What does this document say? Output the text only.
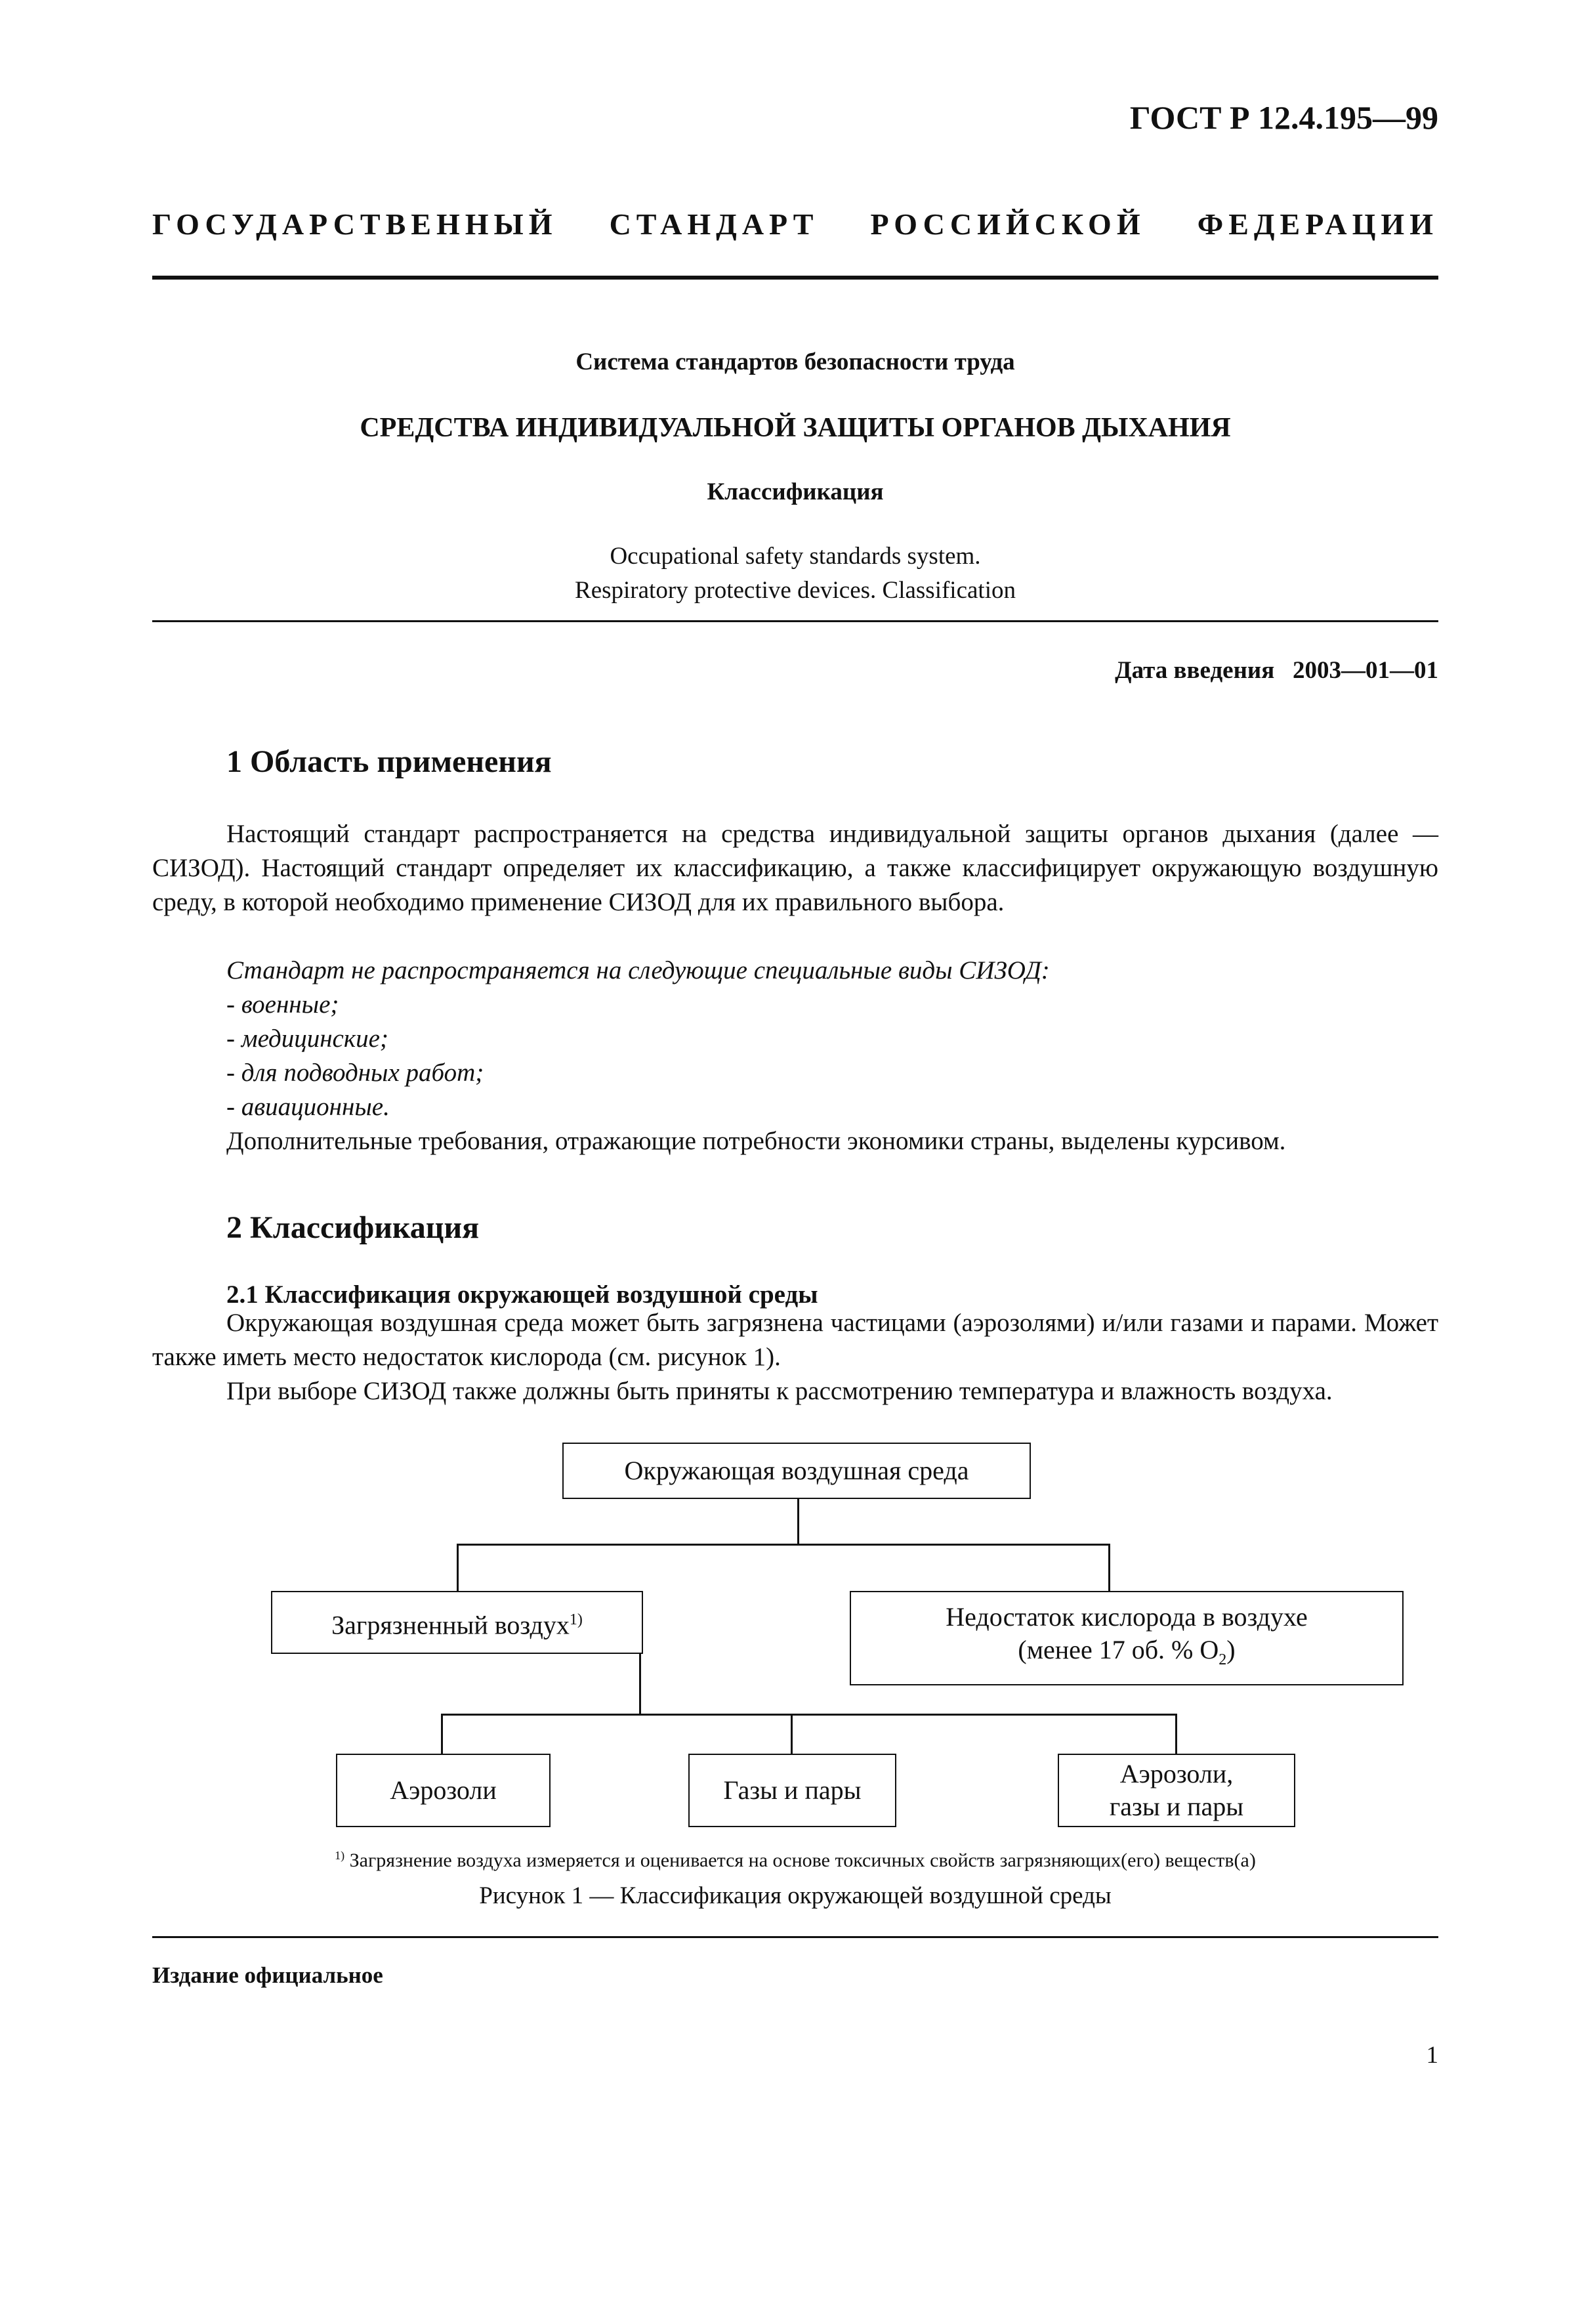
ГОСТ Р 12.4.195—99
ГОСУДАРСТВЕННЫЙ СТАНДАРТ РОССИЙСКОЙ ФЕДЕРАЦИИ
Система стандартов безопасности труда
СРЕДСТВА ИНДИВИДУАЛЬНОЙ ЗАЩИТЫ ОРГАНОВ ДЫХАНИЯ
Классификация
Occupational safety standards system.
Respiratory protective devices. Classification
Дата введения 2003—01—01
1 Область применения
Настоящий стандарт распространяется на средства индивидуальной защиты органов дыхания (далее — СИЗОД). Настоящий стандарт определяет их классификацию, а также классифицирует окружающую воздушную среду, в которой необходимо применение СИЗОД для их правильного выбора.
Стандарт не распространяется на следующие специальные виды СИЗОД:
- военные;
- медицинские;
- для подводных работ;
- авиационные.
Дополнительные требования, отражающие потребности экономики страны, выделены курсивом.
2 Классификация
2.1 Классификация окружающей воздушной среды
Окружающая воздушная среда может быть загрязнена частицами (аэрозолями) и/или газами и парами. Может также иметь место недостаток кислорода (см. рисунок 1).
При выборе СИЗОД также должны быть приняты к рассмотрению температура и влажность воздуха.
Окружающая воздушная среда
Загрязненный воздух$^{1)}$	Недостаток кислорода в воздухе
(менее 17 об. % $O_2$)
Аэрозоли	Газы и пары
Аэрозоли,
газы и пары
$^{1)}$ Загрязнение воздуха измеряется и оценивается на основе токсичных свойств загрязняющих(его) веществ(а)
Рисунок 1 — Классификация окружающей воздушной среды
Издание официальное
1
